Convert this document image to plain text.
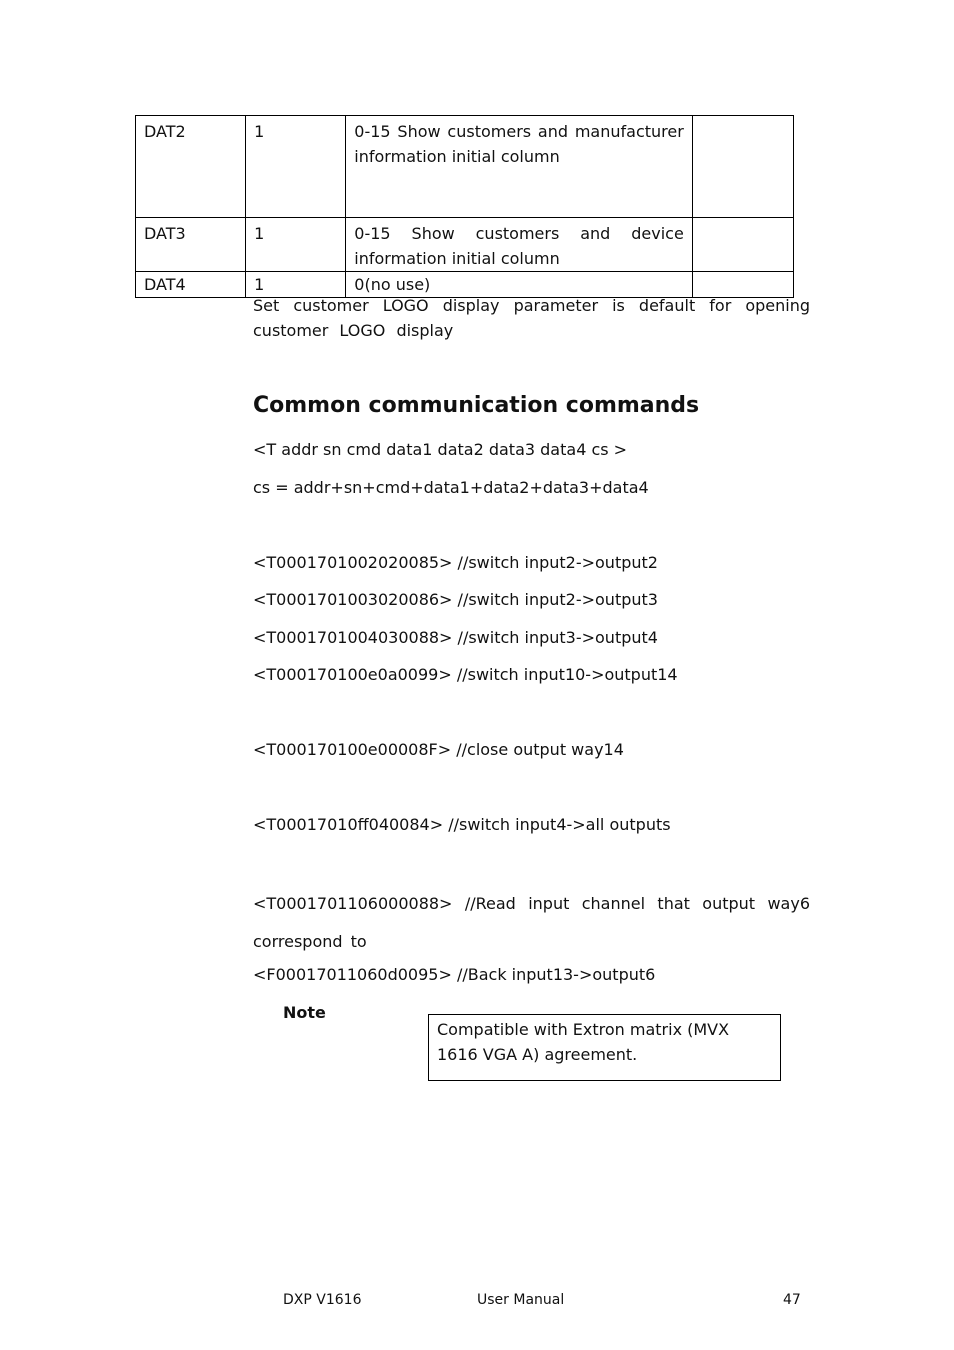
DAT2	1	0-15 Show customers and manufacturer information initial column	
DAT3	1	0-15 Show customers and device information initial column	
DAT4	1	0(no use)	
Set customer LOGO display parameter is default for opening customer LOGO display
Common communication commands
<T addr sn cmd data1 data2 data3 data4 cs >
cs = addr+sn+cmd+data1+data2+data3+data4
<T0001701002020085> //switch input2->output2
<T0001701003020086> //switch input2->output3
<T0001701004030088> //switch input3->output4
<T000170100e0a0099> //switch input10->output14
<T000170100e00008F> //close output way14
<T00017010ff040084> //switch input4->all outputs
<T0001701106000088> //Read input channel that output way6 correspond to
<F00017011060d0095> //Back input13->output6
Note
Compatible with Extron matrix (MVX 1616 VGA A) agreement.
DXP V1616	User Manual	47
